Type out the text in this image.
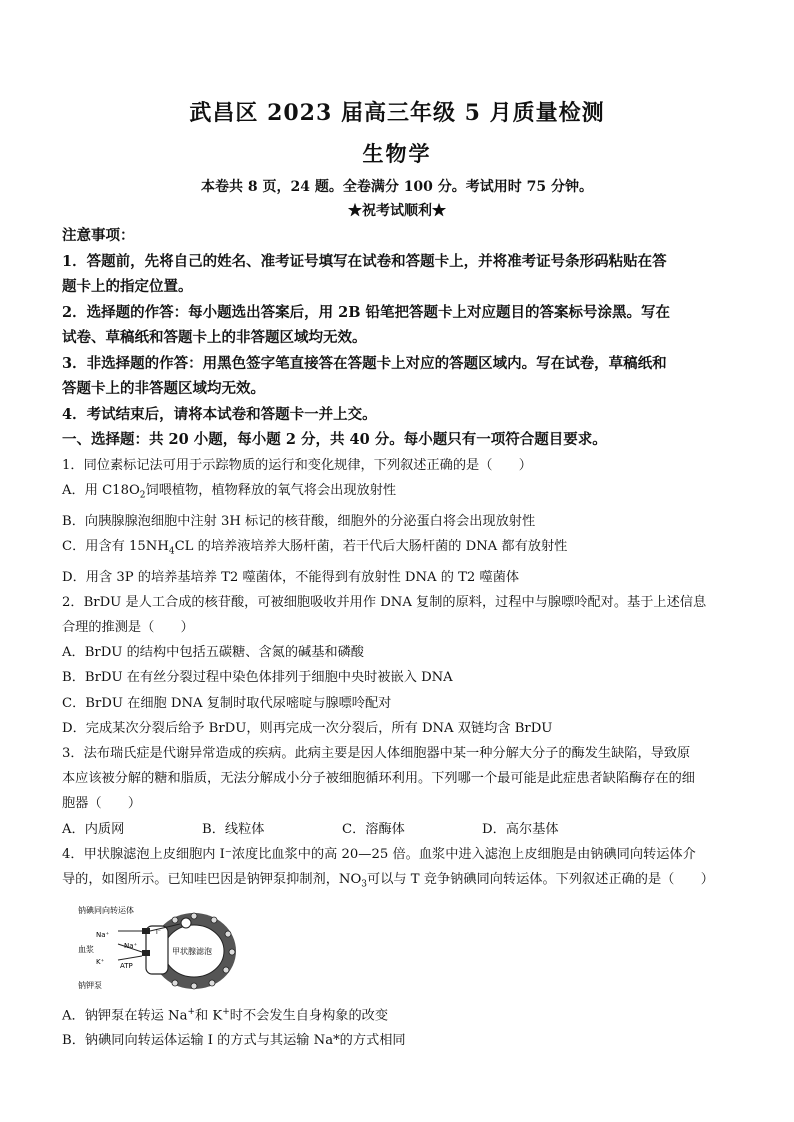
武昌区 2023 届高三年级 5 月质量检测
生物学
本卷共 8 页，24 题。全卷满分 100 分。考试用时 75 分钟。
★祝考试顺利★
注意事项：
1．答题前，先将自己的姓名、准考证号填写在试卷和答题卡上，并将准考证号条形码粘贴在答
题卡上的指定位置。
2．选择题的作答：每小题选出答案后，用 2B 铅笔把答题卡上对应题目的答案标号涂黑。写在
试卷、草稿纸和答题卡上的非答题区域均无效。
3．非选择题的作答：用黑色签字笔直接答在答题卡上对应的答题区域内。写在试卷，草稿纸和
答题卡上的非答题区域均无效。
4．考试结束后，请将本试卷和答题卡一并上交。
一、选择题：共 20 小题，每小题 2 分，共 40 分。每小题只有一项符合题目要求。
1．同位素标记法可用于示踪物质的运行和变化规律，下列叙述正确的是（　　）
A．用 $C18O_2$饲喂植物，植物释放的氧气将会出现放射性
B．向胰腺腺泡细胞中注射 3H 标记的核苷酸，细胞外的分泌蛋白将会出现放射性
C．用含有 $15NH_4CL$ 的培养液培养大肠杆菌，若干代后大肠杆菌的 DNA 都有放射性
D．用含 3P 的培养基培养 T2 噬菌体，不能得到有放射性 DNA 的 T2 噬菌体
2．BrDU 是人工合成的核苷酸，可被细胞吸收并用作 DNA 复制的原料，过程中与腺嘌呤配对。基于上述信息
合理的推测是（　　）
A．BrDU 的结构中包括五碳糖、含氮的碱基和磷酸
B．BrDU 在有丝分裂过程中染色体排列于细胞中央时被嵌入 DNA
C．BrDU 在细胞 DNA 复制时取代尿嘧啶与腺嘌呤配对
D．完成某次分裂后给予 BrDU，则再完成一次分裂后，所有 DNA 双链均含 BrDU
3．法布瑞氏症是代谢异常造成的疾病。此病主要是因人体细胞器中某一种分解大分子的酶发生缺陷，导致原
本应该被分解的糖和脂质，无法分解成小分子被细胞循环利用。下列哪一个最可能是此症患者缺陷酶存在的细
胞器（　　）
A．内质网	B．线粒体	C．溶酶体	D．高尔基体
4．甲状腺滤泡上皮细胞内 I⁻浓度比血浆中的高 20—25 倍。血浆中进入滤泡上皮细胞是由钠碘同向转运体介
导的，如图所示。已知哇巴因是钠钾泵抑制剂，$NO_3$可以与 T 竞争钠碘同向转运体。下列叙述正确的是（　　）
钠碘同向转运体
Na⁺
血浆	Na⁺
K⁺ ATP
钠钾泵
甲状腺滤泡
I⁻
A．钠钾泵在转运 Na+和 K+时不会发生自身构象的改变
B．钠碘同向转运体运输 I 的方式与其运输 Na*的方式相同
